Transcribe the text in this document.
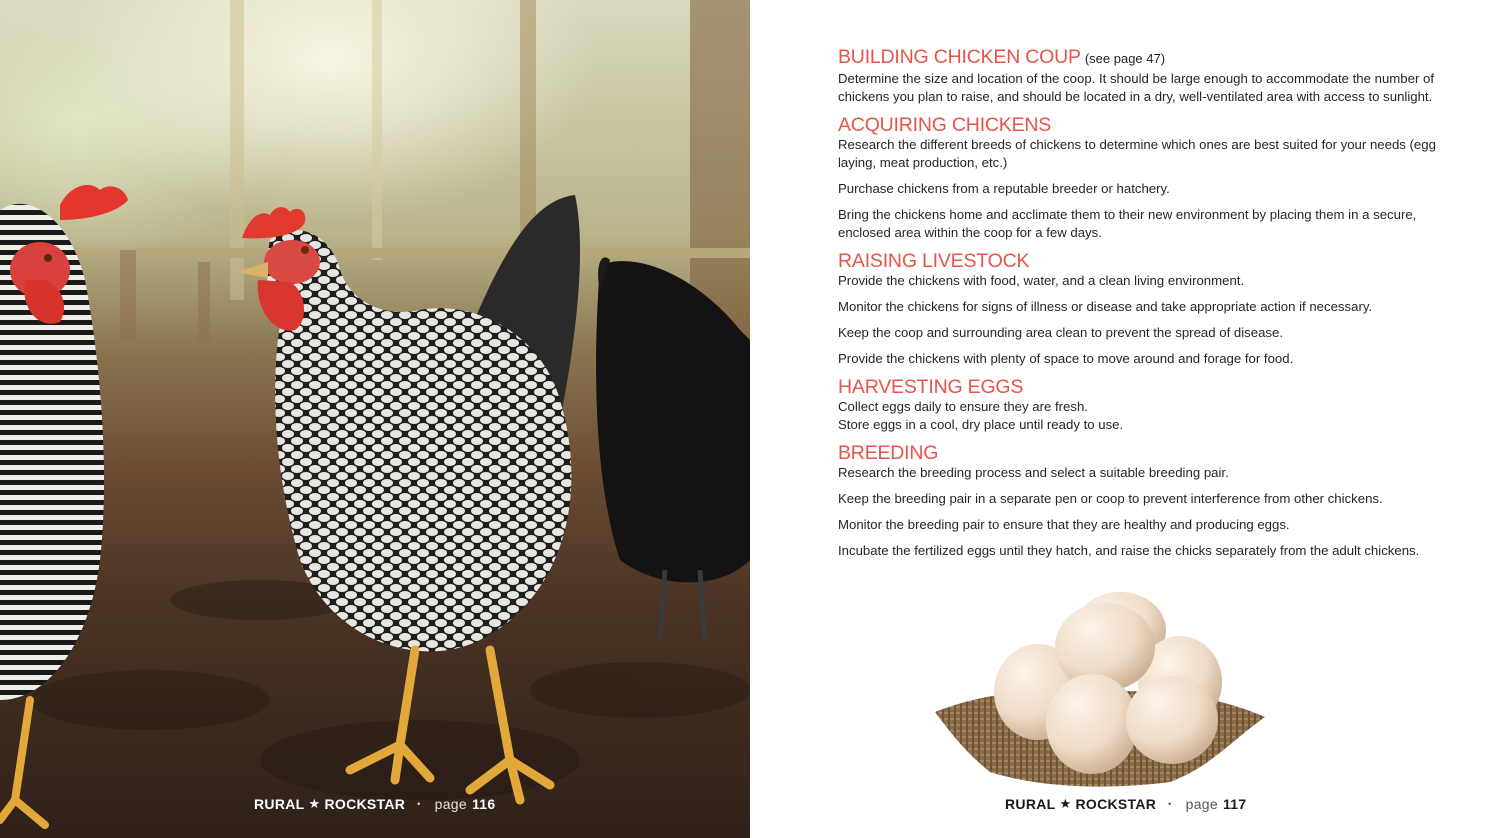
RURAL ★ ROCKSTAR • page 116
BUILDING CHICKEN COUP (see page 47)

Determine the size and location of the coop. It should be large enough to accommodate the number of chickens you plan to raise, and should be located in a dry, well-ventilated area with access to sunlight.

ACQUIRING CHICKENS

Research the different breeds of chickens to determine which ones are best suited for your needs (egg laying, meat production, etc.)

Purchase chickens from a reputable breeder or hatchery.

Bring the chickens home and acclimate them to their new environment by placing them in a secure, enclosed area within the coop for a few days.

RAISING LIVESTOCK

Provide the chickens with food, water, and a clean living environment.

Monitor the chickens for signs of illness or disease and take appropriate action if necessary.

Keep the coop and surrounding area clean to prevent the spread of disease.

Provide the chickens with plenty of space to move around and forage for food.

HARVESTING EGGS

Collect eggs daily to ensure they are fresh.

Store eggs in a cool, dry place until ready to use.

BREEDING

Research the breeding process and select a suitable breeding pair.

Keep the breeding pair in a separate pen or coop to prevent interference from other chickens.

Monitor the breeding pair to ensure that they are healthy and producing eggs.

Incubate the fertilized eggs until they hatch, and raise the chicks separately from the adult chickens.

RURAL ★ ROCKSTAR • page 117
